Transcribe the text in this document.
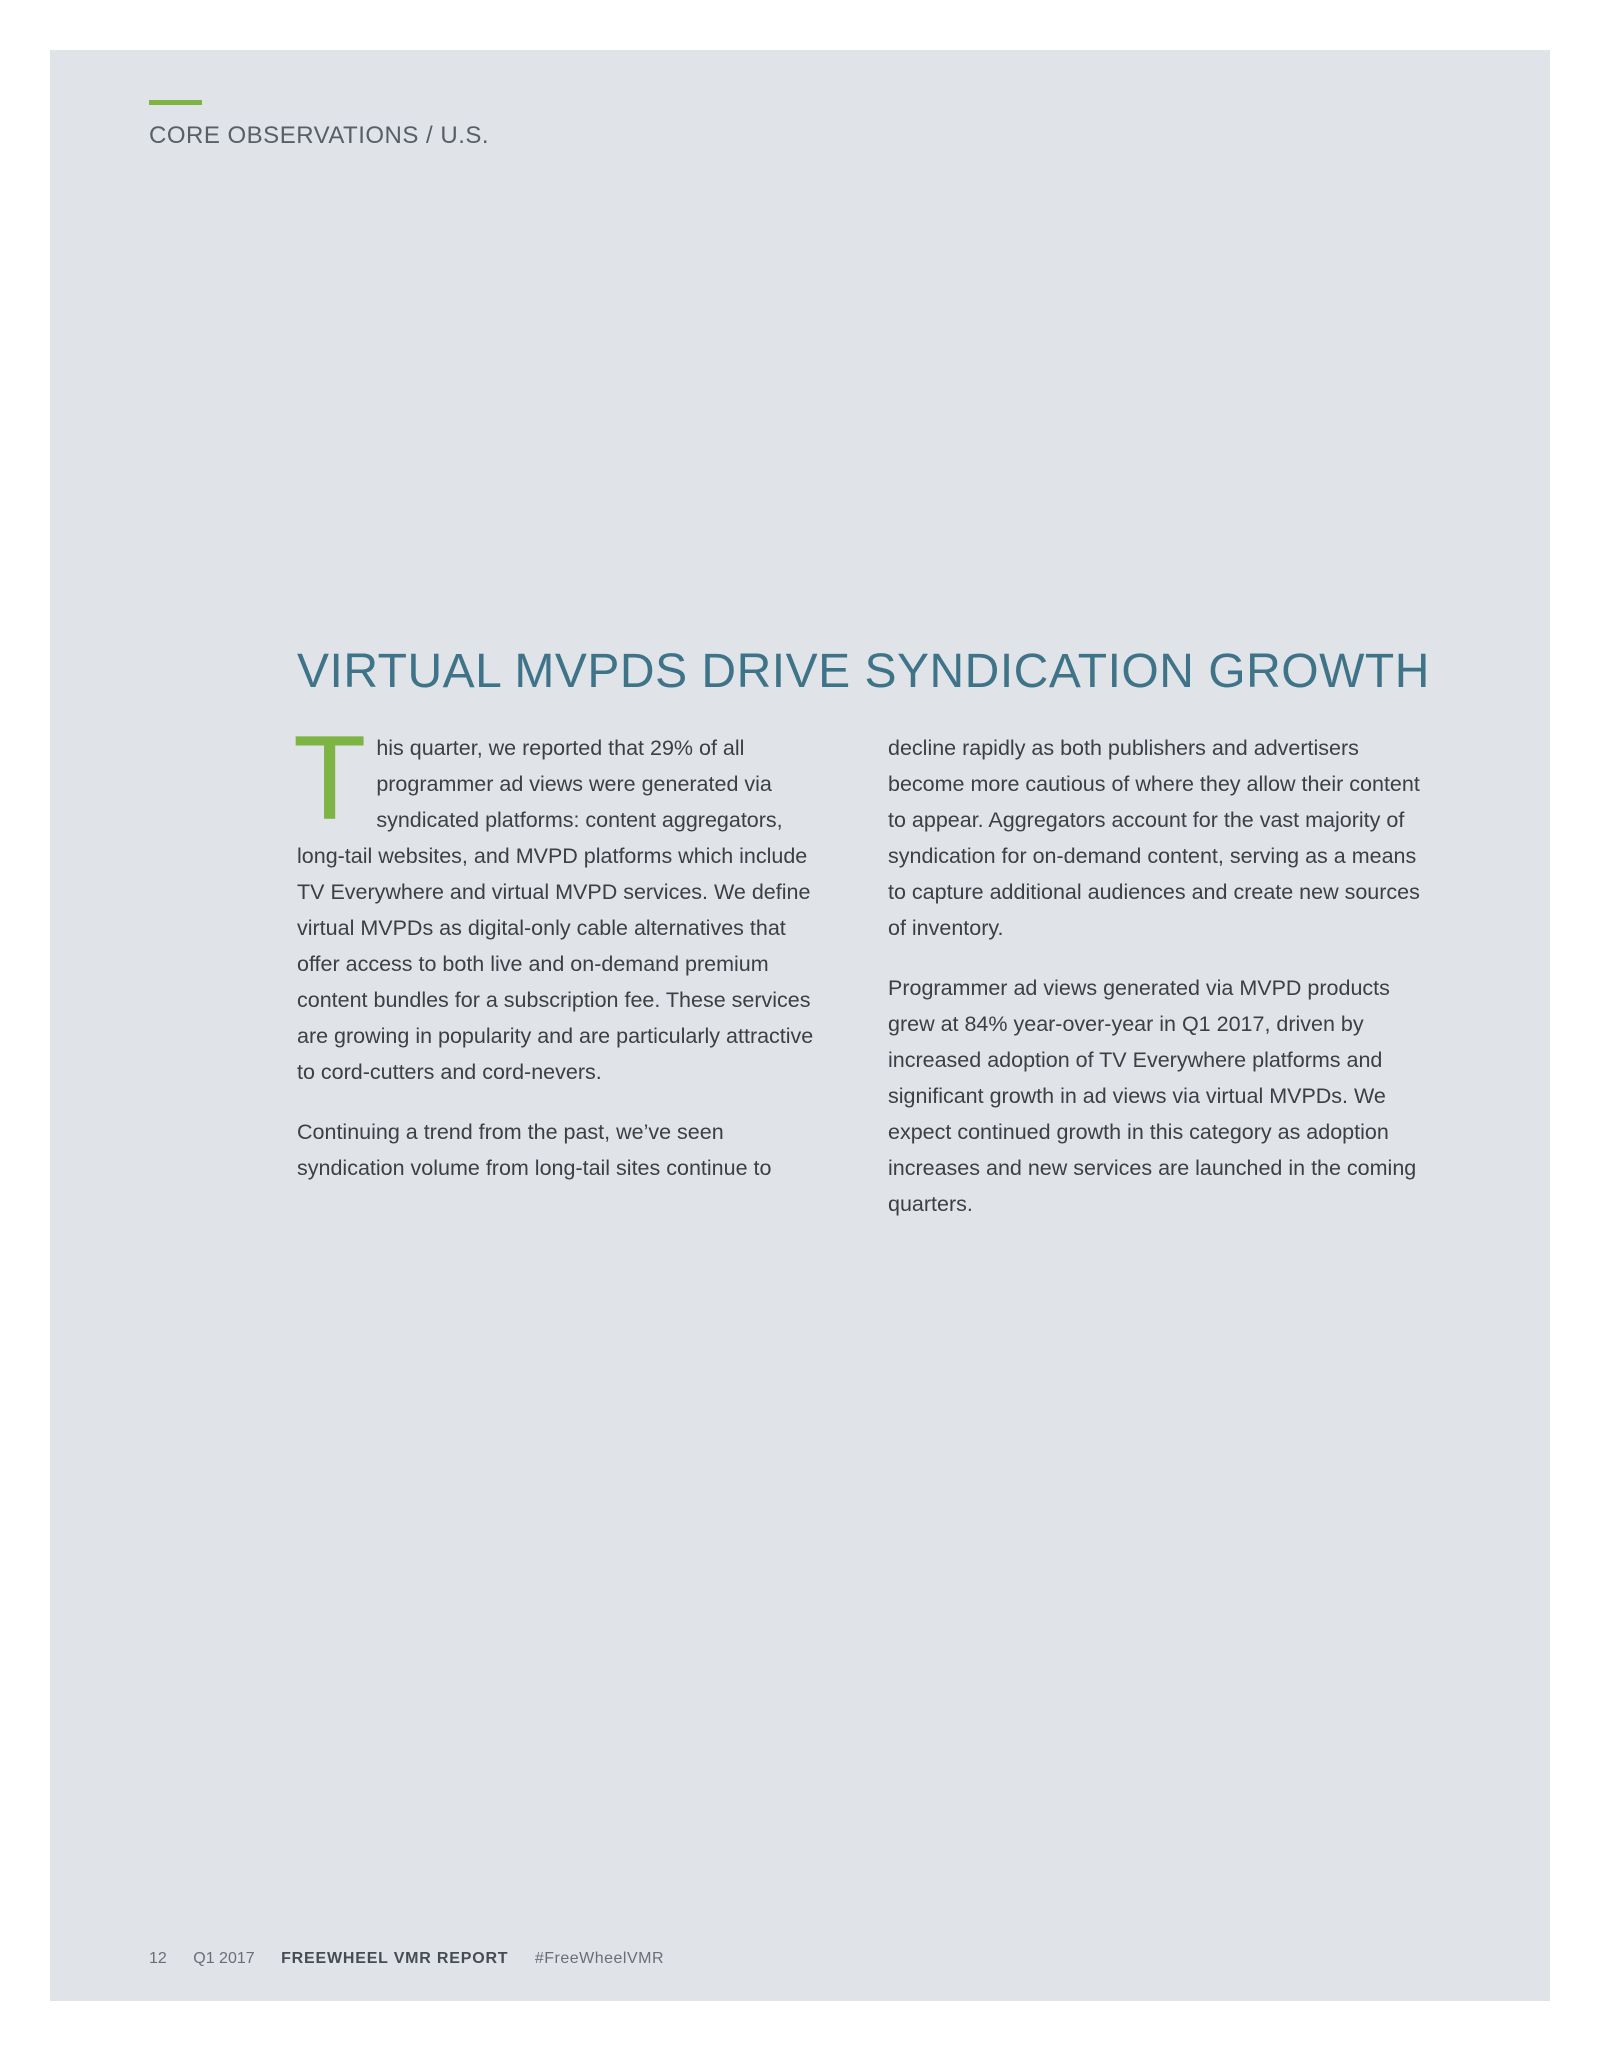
CORE OBSERVATIONS / U.S.
VIRTUAL MVPDS DRIVE SYNDICATION GROWTH

This quarter, we reported that 29% of all programmer ad views were generated via syndicated platforms: content aggregators, long-tail websites, and MVPD platforms which include TV Everywhere and virtual MVPD services. We define virtual MVPDs as digital-only cable alternatives that offer access to both live and on-demand premium content bundles for a subscription fee. These services are growing in popularity and are particularly attractive to cord-cutters and cord-nevers.

Continuing a trend from the past, we’ve seen syndication volume from long-tail sites continue to

decline rapidly as both publishers and advertisers become more cautious of where they allow their content to appear. Aggregators account for the vast majority of syndication for on-demand content, serving as a means to capture additional audiences and create new sources of inventory.

Programmer ad views generated via MVPD products grew at 84% year-over-year in Q1 2017, driven by increased adoption of TV Everywhere platforms and significant growth in ad views via virtual MVPDs. We expect continued growth in this category as adoption increases and new services are launched in the coming quarters.

12 Q1 2017 FREEWHEEL VMR REPORT #FreeWheelVMR
